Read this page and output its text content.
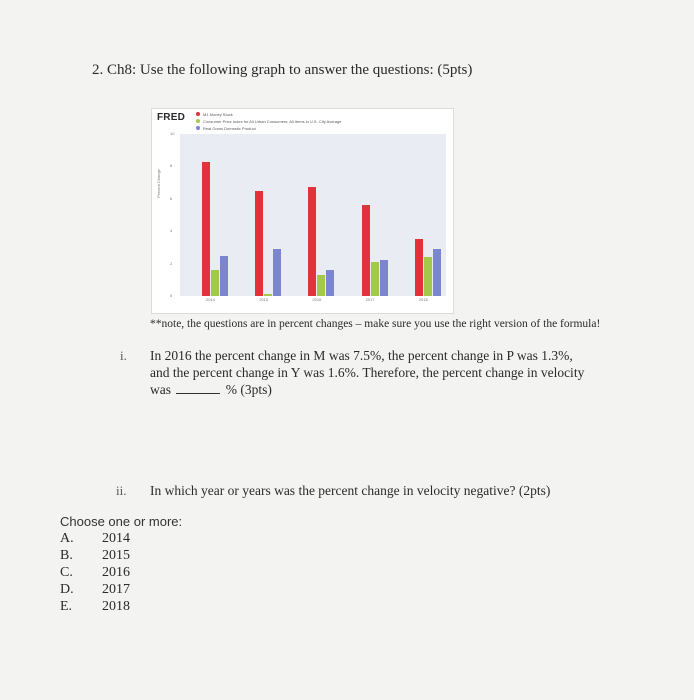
2. Ch8: Use the following graph to answer the questions: (5pts)
FRED	M1 Money Stock
Consumer Price Index for All Urban Consumers: All Items in U.S. City Average
Real Gross Domestic Product
Percent Change
2014	2015	2016	2017	2018
0
2
4
6
8
10
**note, the questions are in percent changes – make sure you use the right version of the formula!
i. In 2016 the percent change in M was 7.5%, the percent change in P was 1.3%,
and the percent change in Y was 1.6%. Therefore, the percent change in velocity
was	% (3pts)
ii. In which year or years was the percent change in velocity negative? (2pts)
Choose one or more:
A. 2014
B. 2015
C. 2016
D. 2017
E. 2018
